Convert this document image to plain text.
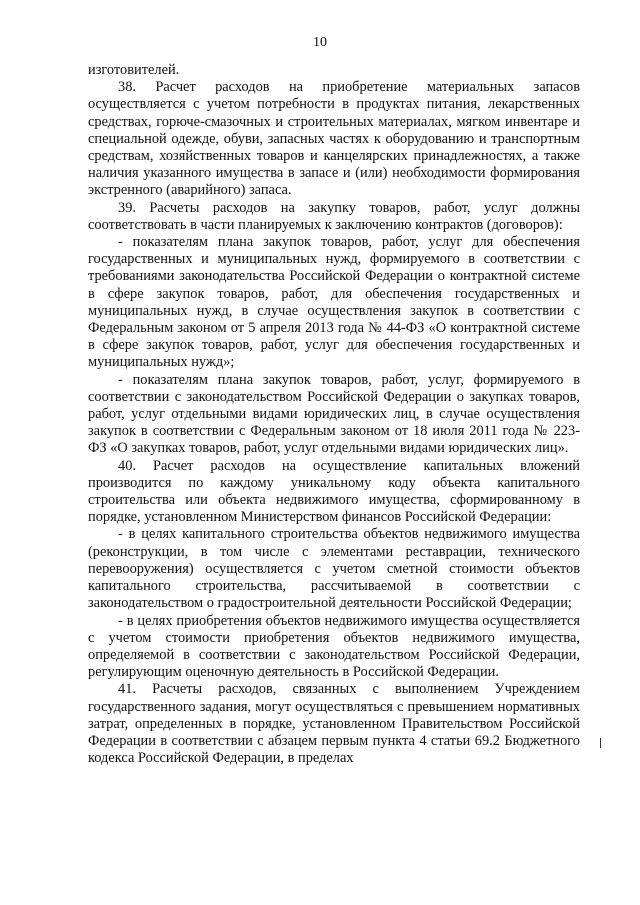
10

изготовителей.

38. Расчет расходов на приобретение материальных запасов осуществляется с учетом потребности в продуктах питания, лекарственных средствах, горюче-смазочных и строительных материалах, мягком инвентаре и специальной одежде, обуви, запасных частях к оборудованию и транспортным средствам, хозяйственных товаров и канцелярских принадлежностях, а также наличия указанного имущества в запасе и (или) необходимости формирования экстренного (аварийного) запаса.

39. Расчеты расходов на закупку товаров, работ, услуг должны соответствовать в части планируемых к заключению контрактов (договоров):

- показателям плана закупок товаров, работ, услуг для обеспечения государственных и муниципальных нужд, формируемого в соответствии с требованиями законодательства Российской Федерации о контрактной системе в сфере закупок товаров, работ, для обеспечения государственных и муниципальных нужд, в случае осуществления закупок в соответствии с Федеральным законом от 5 апреля 2013 года № 44-ФЗ «О контрактной системе в сфере закупок товаров, работ, услуг для обеспечения государственных и муниципальных нужд»;

- показателям плана закупок товаров, работ, услуг, формируемого в соответствии с законодательством Российской Федерации о закупках товаров, работ, услуг отдельными видами юридических лиц, в случае осуществления закупок в соответствии с Федеральным законом от 18 июля 2011 года № 223-ФЗ «О закупках товаров, работ, услуг отдельными видами юридических лиц».

40. Расчет расходов на осуществление капитальных вложений производится по каждому уникальному коду объекта капитального строительства или объекта недвижимого имущества, сформированному в порядке, установленном Министерством финансов Российской Федерации:

- в целях капитального строительства объектов недвижимого имущества (реконструкции, в том числе с элементами реставрации, технического перевооружения) осуществляется с учетом сметной стоимости объектов капитального строительства, рассчитываемой в соответствии с законодательством о градостроительной деятельности Российской Федерации;

- в целях приобретения объектов недвижимого имущества осуществляется с учетом стоимости приобретения объектов недвижимого имущества, определяемой в соответствии с законодательством Российской Федерации, регулирующим оценочную деятельность в Российской Федерации.

41. Расчеты расходов, связанных с выполнением Учреждением государственного задания, могут осуществляться с превышением нормативных затрат, определенных в порядке, установленном Правительством Российской Федерации в соответствии с абзацем первым пункта 4 статьи 69.2 Бюджетного кодекса Российской Федерации, в пределах
